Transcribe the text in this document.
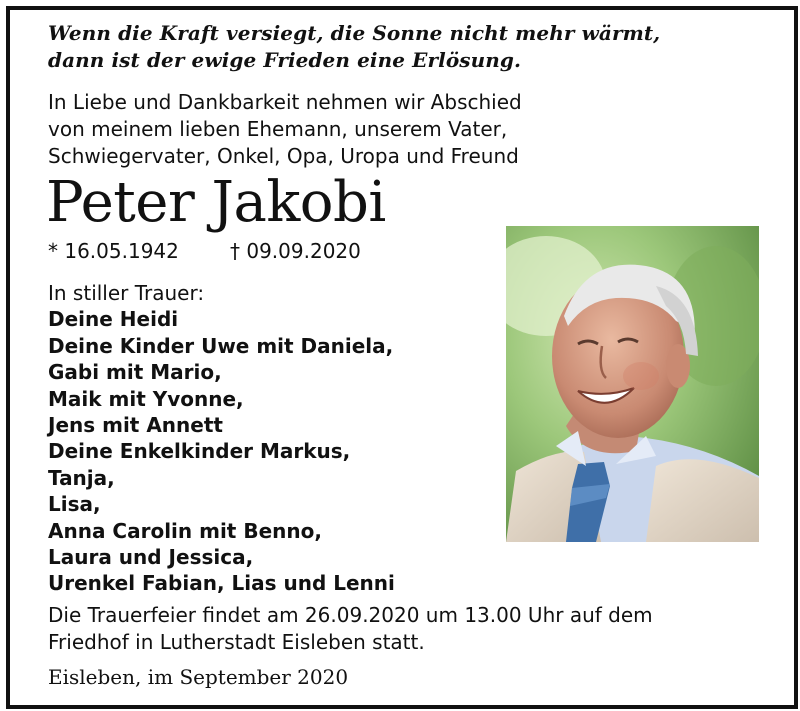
Wenn die Kraft versiegt, die Sonne nicht mehr wärmt,
dann ist der ewige Frieden eine Erlösung.
In Liebe und Dankbarkeit nehmen wir Abschied
von meinem lieben Ehemann, unserem Vater,
Schwiegervater, Onkel, Opa, Uropa und Freund
Peter Jakobi
* 16.05.1942	† 09.09.2020
In stiller Trauer:
Deine Heidi
Deine Kinder Uwe mit Daniela,
Gabi mit Mario,
Maik mit Yvonne,
Jens mit Annett
Deine Enkelkinder Markus,
Tanja,
Lisa,
Anna Carolin mit Benno,
Laura und Jessica,
Urenkel Fabian, Lias und Lenni
Die Trauerfeier findet am 26.09.2020 um 13.00 Uhr auf dem
Friedhof in Lutherstadt Eisleben statt.
Eisleben, im September 2020
